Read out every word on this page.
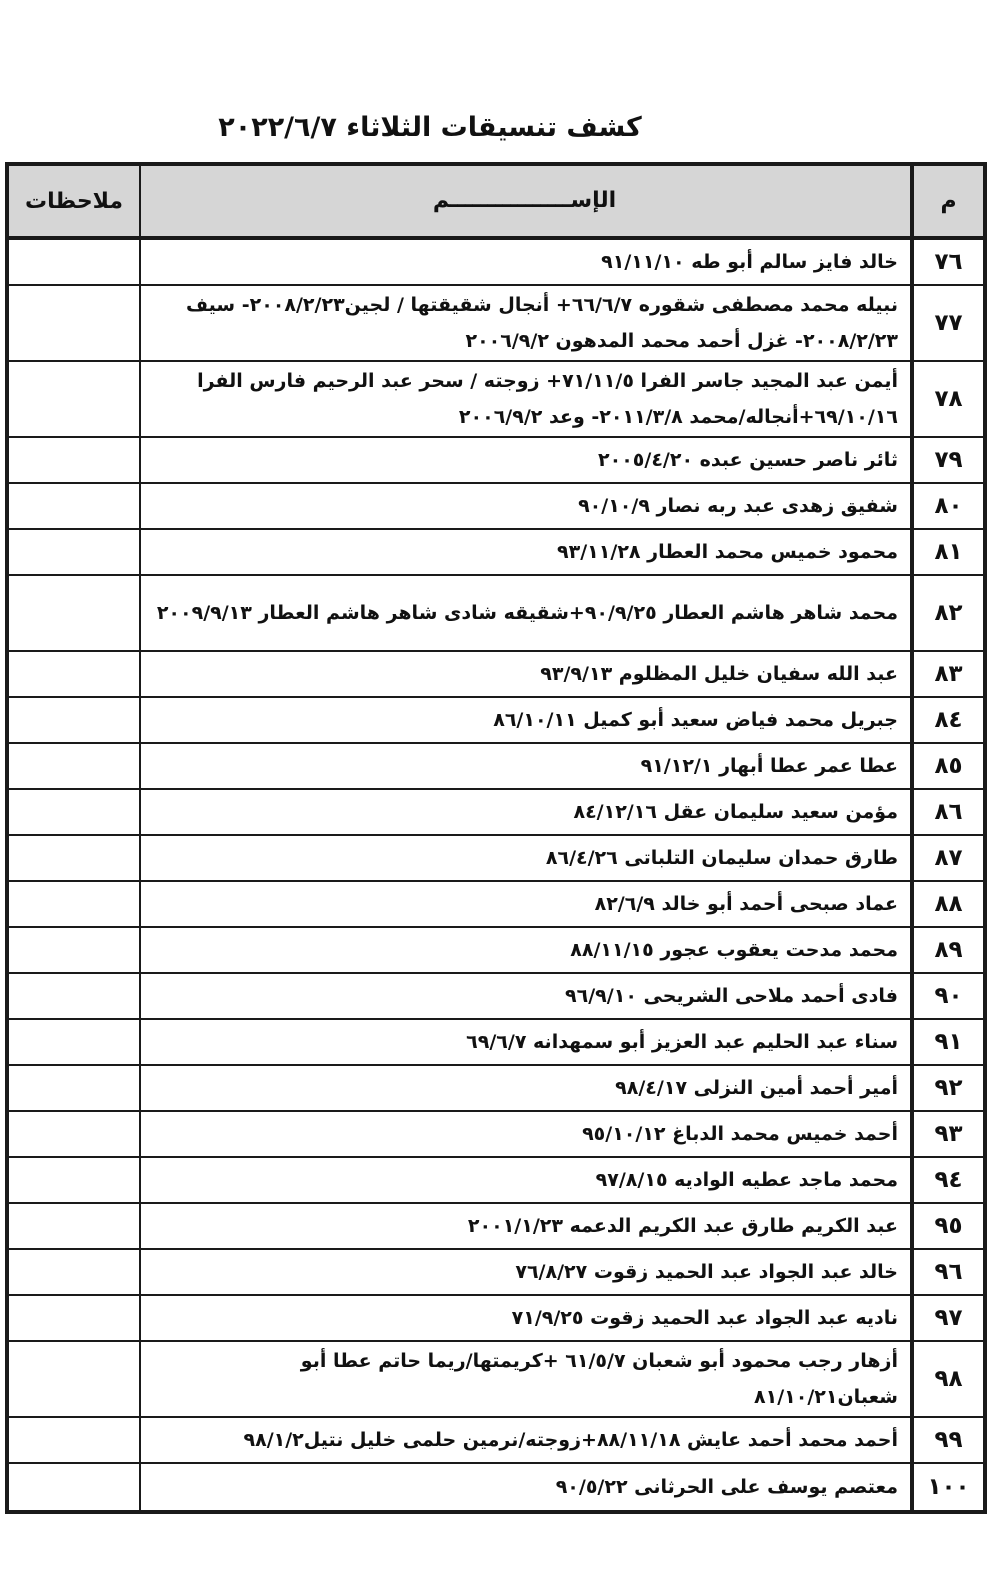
كشف تنسيقات الثلاثاء ٢٠٢٢/٦/٧
م
الإســــــــــــــــم
ملاحظات
٧٦
خالد فايز سالم أبو طه ٩١/١١/١٠
٧٧
نبيله محمد مصطفى شقوره ٦٦/٦/٧+ أنجال شقيقتها / لجين٢٠٠٨/٢/٢٣- سيف ٢٠٠٨/٢/٢٣- غزل أحمد محمد المدهون ٢٠٠٦/٩/٢
٧٨
أيمن عبد المجيد جاسر الفرا ٧١/١١/٥+ زوجته / سحر عبد الرحيم فارس الفرا ٦٩/١٠/١٦+أنجاله/محمد ٢٠١١/٣/٨- وعد ٢٠٠٦/٩/٢
٧٩
ثائر ناصر حسين عبده ٢٠٠٥/٤/٢٠
٨٠
شفيق زهدى عبد ربه نصار ٩٠/١٠/٩
٨١
محمود خميس محمد العطار ٩٣/١١/٢٨
٨٢
محمد شاهر هاشم العطار ٩٠/٩/٢٥+شقيقه شادى شاهر هاشم العطار ٢٠٠٩/٩/١٣
٨٣
عبد الله سفيان خليل المظلوم ٩٣/٩/١٣
٨٤
جبريل محمد فياض سعيد أبو كميل ٨٦/١٠/١١
٨٥
عطا عمر عطا أبهار ٩١/١٢/١
٨٦
مؤمن سعيد سليمان عقل ٨٤/١٢/١٦
٨٧
طارق حمدان سليمان التلباتى ٨٦/٤/٢٦
٨٨
عماد صبحى أحمد أبو خالد ٨٢/٦/٩
٨٩
محمد مدحت يعقوب عجور ٨٨/١١/١٥
٩٠
فادى أحمد ملاحى الشريحى ٩٦/٩/١٠
٩١
سناء عبد الحليم عبد العزيز أبو سمهدانه ٦٩/٦/٧
٩٢
أمير أحمد أمين النزلى ٩٨/٤/١٧
٩٣
أحمد خميس محمد الدباغ ٩٥/١٠/١٢
٩٤
محمد ماجد عطيه الواديه ٩٧/٨/١٥
٩٥
عبد الكريم طارق عبد الكريم الدعمه ٢٠٠١/١/٢٣
٩٦
خالد عبد الجواد عبد الحميد زقوت ٧٦/٨/٢٧
٩٧
ناديه عبد الجواد عبد الحميد زقوت ٧١/٩/٢٥
٩٨
أزهار رجب محمود أبو شعبان ٦١/٥/٧ +كريمتها/ريما حاتم عطا أبو شعبان٨١/١٠/٢١
٩٩
أحمد محمد أحمد عايش ٨٨/١١/١٨+زوجته/نرمين حلمى خليل نتيل٩٨/١/٢
١٠٠
معتصم يوسف على الحرثانى ٩٠/٥/٢٢
